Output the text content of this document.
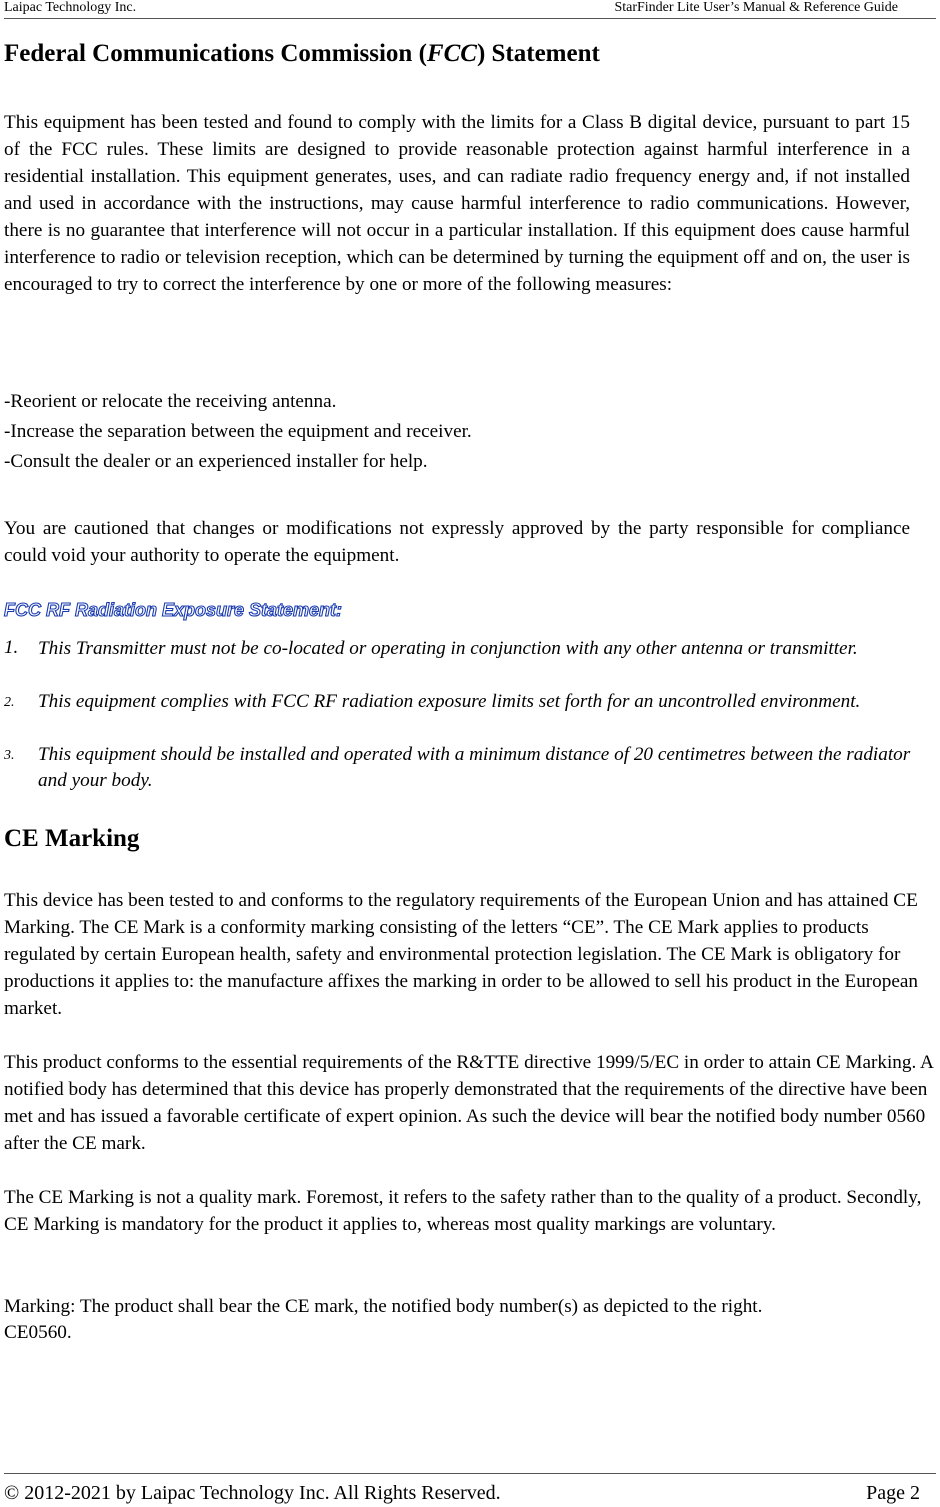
Laipac Technology Inc.	StarFinder Lite User’s Manual & Reference Guide
Federal Communications Commission (FCC) Statement
This equipment has been tested and found to comply with the limits for a Class B digital device, pursuant to part 15 of the FCC rules. These limits are designed to provide reasonable protection against harmful interference in a residential installation. This equipment generates, uses, and can radiate radio frequency energy and, if not installed and used in accordance with the instructions, may cause harmful interference to radio communications. However, there is no guarantee that interference will not occur in a particular installation. If this equipment does cause harmful interference to radio or television reception, which can be determined by turning the equipment off and on, the user is encouraged to try to correct the interference by one or more of the following measures:
-Reorient or relocate the receiving antenna.
-Increase the separation between the equipment and receiver.
-Consult the dealer or an experienced installer for help.
You are cautioned that changes or modifications not expressly approved by the party responsible for compliance could void your authority to operate the equipment.
FCC RF Radiation Exposure Statement:
1. This Transmitter must not be co-located or operating in conjunction with any other antenna or transmitter.
2. This equipment complies with FCC RF radiation exposure limits set forth for an uncontrolled environment.
3. This equipment should be installed and operated with a minimum distance of 20 centimetres between the radiator and your body.
CE Marking
This device has been tested to and conforms to the regulatory requirements of the European Union and has attained CE Marking. The CE Mark is a conformity marking consisting of the letters “CE”. The CE Mark applies to products regulated by certain European health, safety and environmental protection legislation. The CE Mark is obligatory for productions it applies to: the manufacture affixes the marking in order to be allowed to sell his product in the European market.
This product conforms to the essential requirements of the R&TTE directive 1999/5/EC in order to attain CE Marking. A notified body has determined that this device has properly demonstrated that the requirements of the directive have been met and has issued a favorable certificate of expert opinion. As such the device will bear the notified body number 0560 after the CE mark.
The CE Marking is not a quality mark. Foremost, it refers to the safety rather than to the quality of a product. Secondly, CE Marking is mandatory for the product it applies to, whereas most quality markings are voluntary.
Marking: The product shall bear the CE mark, the notified body number(s) as depicted to the right.
CE0560.
© 2012-2021 by Laipac Technology Inc. All Rights Reserved.	Page 2
